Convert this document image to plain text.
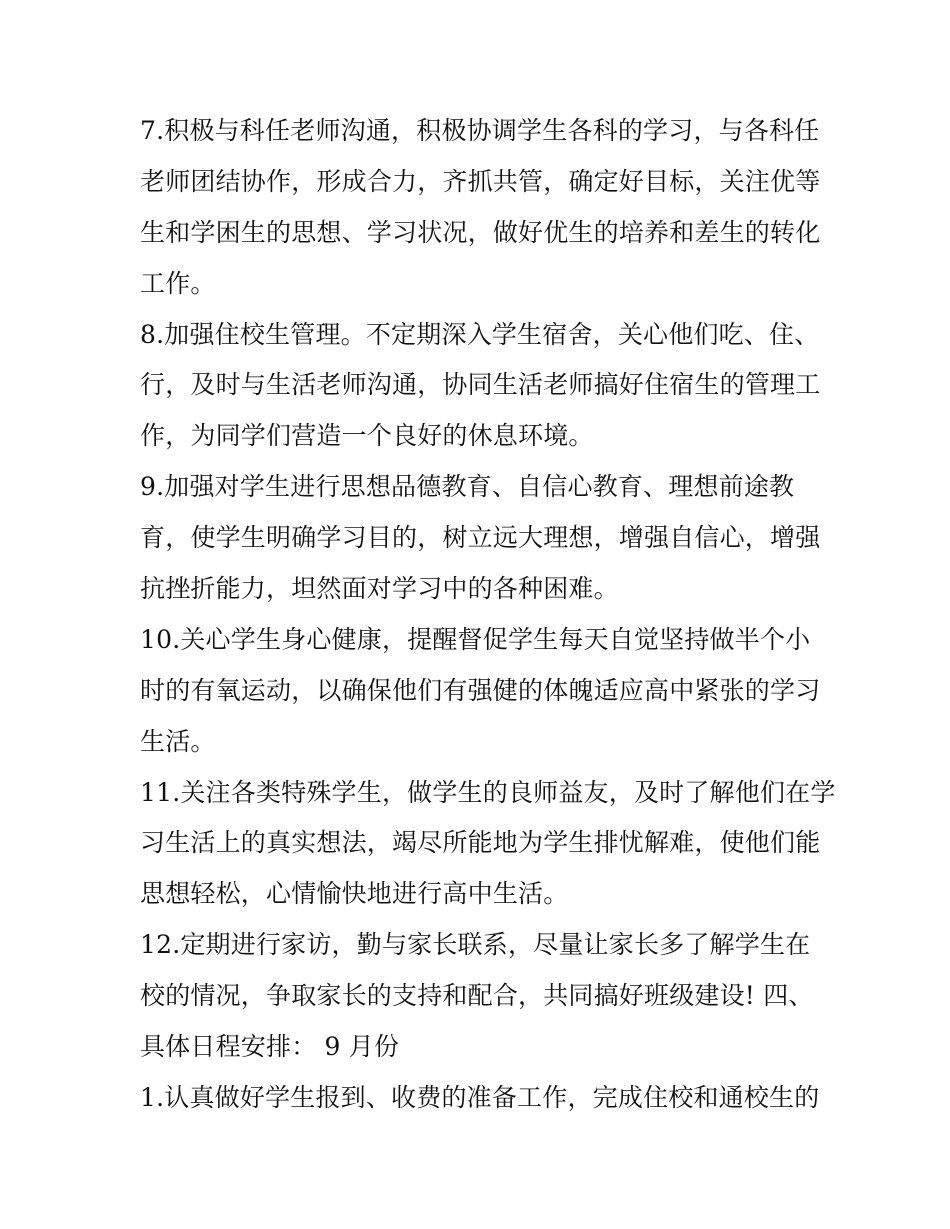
7.积极与科任老师沟通，积极协调学生各科的学习，与各科任
老师团结协作，形成合力，齐抓共管，确定好目标，关注优等
生和学困生的思想、学习状况，做好优生的培养和差生的转化
工作。
8.加强住校生管理。不定期深入学生宿舍，关心他们吃、住、
行，及时与生活老师沟通，协同生活老师搞好住宿生的管理工
作，为同学们营造一个良好的休息环境。
9.加强对学生进行思想品德教育、自信心教育、理想前途教
育，使学生明确学习目的，树立远大理想，增强自信心，增强
抗挫折能力，坦然面对学习中的各种困难。
10.关心学生身心健康，提醒督促学生每天自觉坚持做半个小
时的有氧运动，以确保他们有强健的体魄适应高中紧张的学习
生活。
11.关注各类特殊学生，做学生的良师益友，及时了解他们在学
习生活上的真实想法，竭尽所能地为学生排忧解难，使他们能
思想轻松，心情愉快地进行高中生活。
12.定期进行家访，勤与家长联系，尽量让家长多了解学生在
校的情况，争取家长的支持和配合，共同搞好班级建设! 四、
具体日程安排： 9 月份
1.认真做好学生报到、收费的准备工作，完成住校和通校生的
